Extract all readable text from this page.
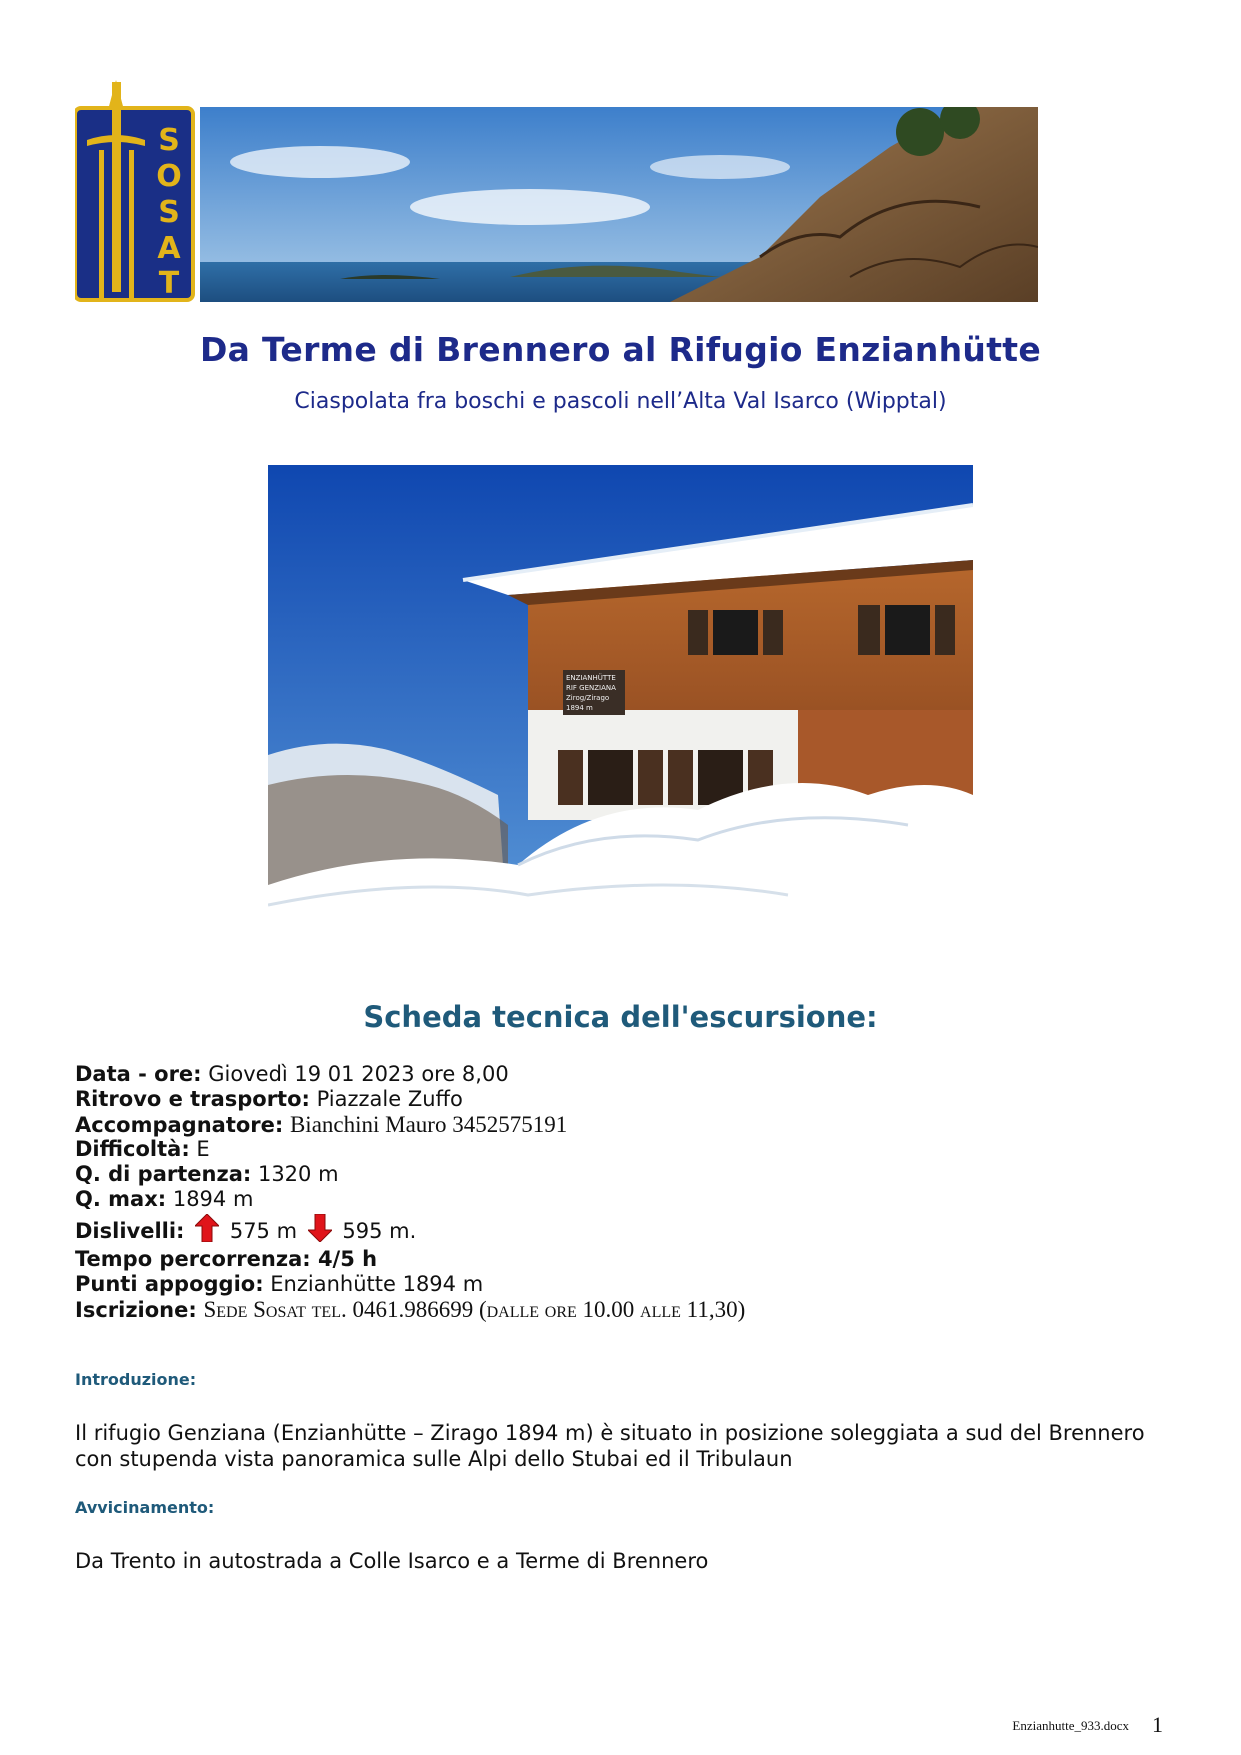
S
O
S
A
T
Da Terme di Brennero al Rifugio Enzianhütte
Ciaspolata fra boschi e pascoli nell’Alta Val Isarco (Wipptal)
ENZIANHÜTTE
RIF GENZIANA
Zirog/Zirago
1894 m
Scheda tecnica dell'escursione:
Data - ore: Giovedì 19 01 2023 ore 8,00
Ritrovo e trasporto: Piazzale Zuffo
Accompagnatore: Bianchini Mauro 3452575191
Difficoltà: E
Q. di partenza: 1320 m
Q. max: 1894 m
Dislivelli: 575 m 595 m.
Tempo percorrenza: 4/5 h
Punti appoggio: Enzianhütte 1894 m
Iscrizione: Sede Sosat tel. 0461.986699 (dalle ore 10.00 alle 11,30)
Introduzione:
Il rifugio Genziana (Enzianhütte – Zirago 1894 m) è situato in posizione soleggiata a sud del Brennero con stupenda vista panoramica sulle Alpi dello Stubai ed il Tribulaun
Avvicinamento:
Da Trento in autostrada a Colle Isarco e a Terme di Brennero
Enzianhutte_933.docx 1
